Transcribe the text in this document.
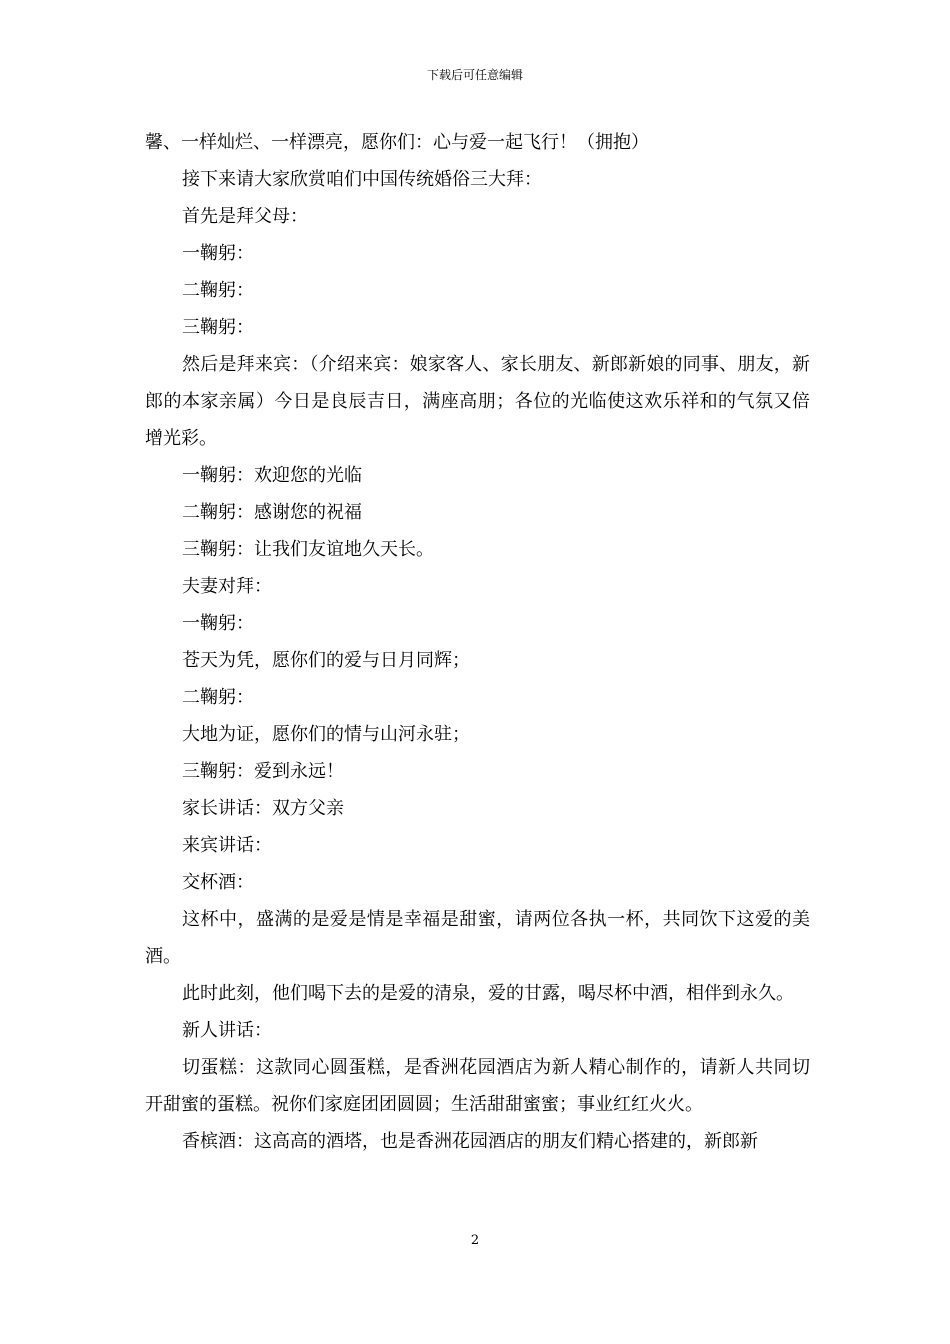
下载后可任意编辑

馨、一样灿烂、一样漂亮，愿你们：心与爱一起飞行！（拥抱）

接下来请大家欣赏咱们中国传统婚俗三大拜：

首先是拜父母：

一鞠躬：

二鞠躬：

三鞠躬：

然后是拜来宾：（介绍来宾：娘家客人、家长朋友、新郎新娘的同事、朋友，新郎的本家亲属）今日是良辰吉日，满座高朋；各位的光临使这欢乐祥和的气氛又倍增光彩。

一鞠躬：欢迎您的光临

二鞠躬：感谢您的祝福

三鞠躬：让我们友谊地久天长。

夫妻对拜：

一鞠躬：

苍天为凭，愿你们的爱与日月同辉；

二鞠躬：

大地为证，愿你们的情与山河永驻；

三鞠躬：爱到永远！

家长讲话：双方父亲

来宾讲话：

交杯酒：

这杯中，盛满的是爱是情是幸福是甜蜜，请两位各执一杯，共同饮下这爱的美酒。

此时此刻，他们喝下去的是爱的清泉，爱的甘露，喝尽杯中酒，相伴到永久。

新人讲话：

切蛋糕：这款同心圆蛋糕，是香洲花园酒店为新人精心制作的，请新人共同切开甜蜜的蛋糕。祝你们家庭团团圆圆；生活甜甜蜜蜜；事业红红火火。

香槟酒：这高高的酒塔，也是香洲花园酒店的朋友们精心搭建的，新郎新

2
